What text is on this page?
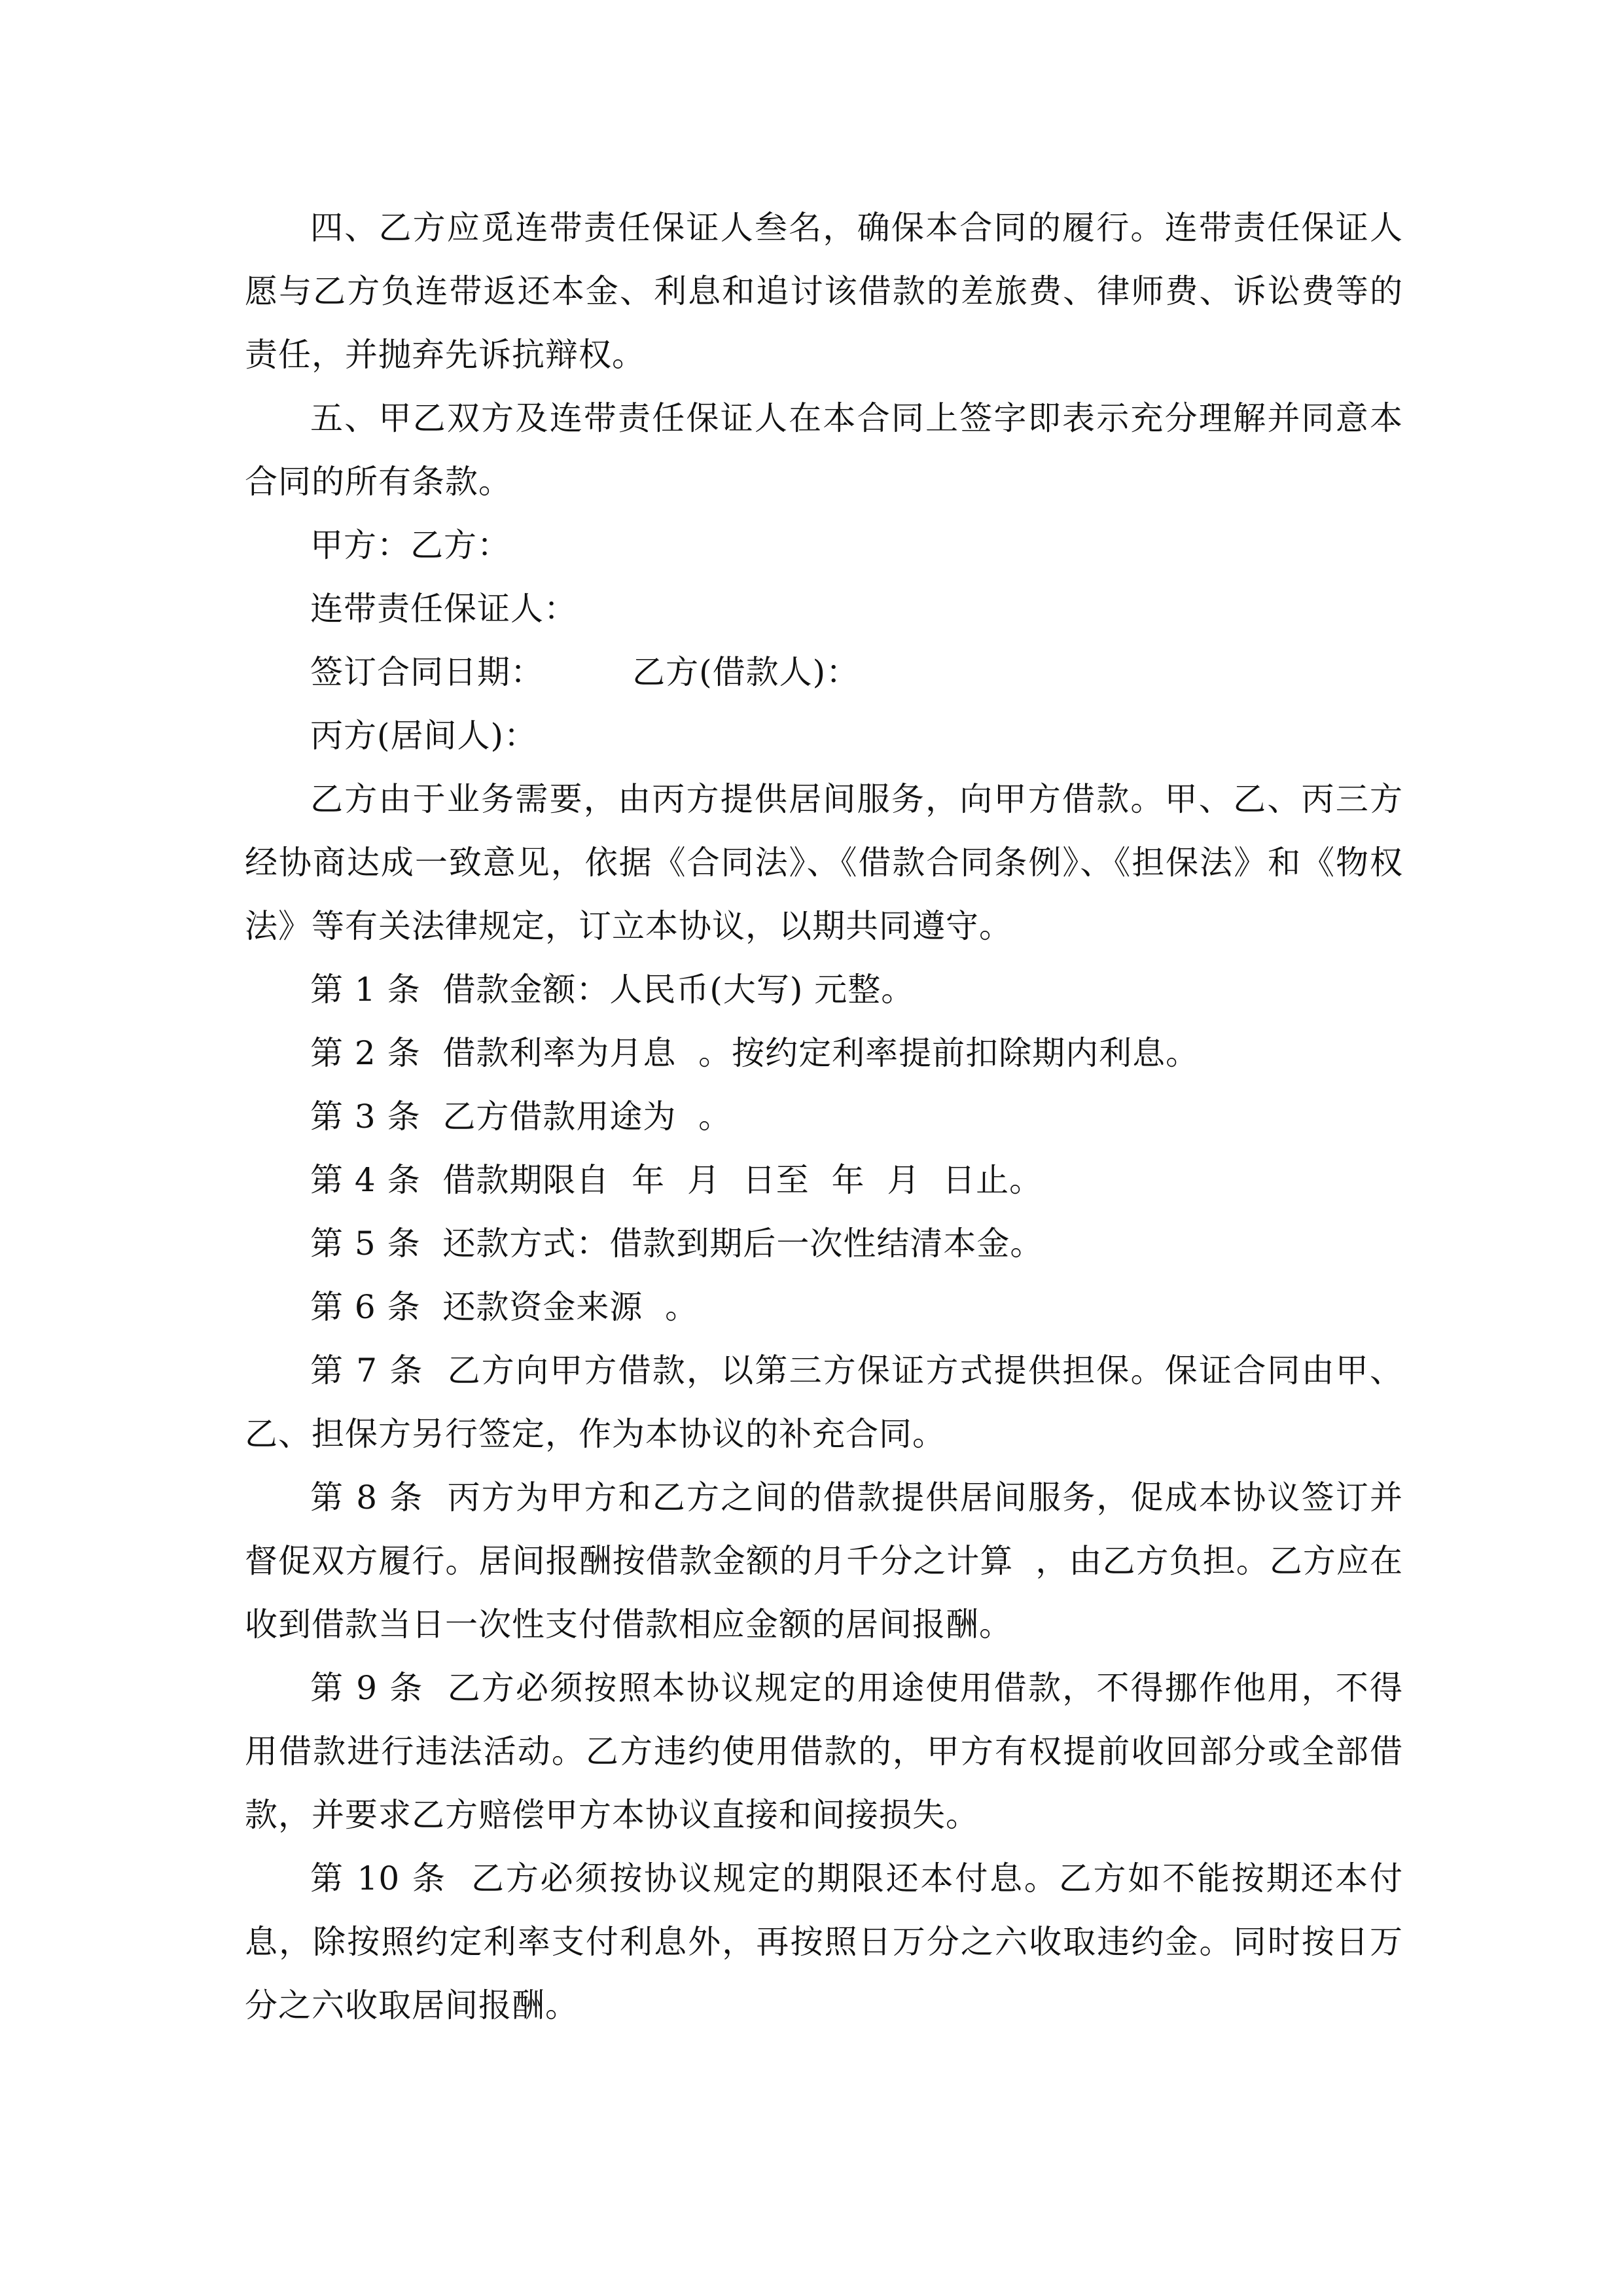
四、乙方应觅连带责任保证人叁名，确保本合同的履行。连带责任保证人愿与乙方负连带返还本金、利息和追讨该借款的差旅费、律师费、诉讼费等的责任，并抛弃先诉抗辩权。

五、甲乙双方及连带责任保证人在本合同上签字即表示充分理解并同意本合同的所有条款。

甲方：乙方：

连带责任保证人：

签订合同日期：        乙方(借款人)：

丙方(居间人)：

乙方由于业务需要，由丙方提供居间服务，向甲方借款。甲、乙、丙三方经协商达成一致意见，依据《合同法》、《借款合同条例》、《担保法》和《物权法》等有关法律规定，订立本协议，以期共同遵守。

第 1 条  借款金额：人民币(大写) 元整。

第 2 条  借款利率为月息  。按约定利率提前扣除期内利息。

第 3 条  乙方借款用途为  。

第 4 条  借款期限自  年  月  日至  年  月  日止。

第 5 条  还款方式：借款到期后一次性结清本金。

第 6 条  还款资金来源  。

第 7 条  乙方向甲方借款，以第三方保证方式提供担保。保证合同由甲、乙、担保方另行签定，作为本协议的补充合同。

第 8 条  丙方为甲方和乙方之间的借款提供居间服务，促成本协议签订并督促双方履行。居间报酬按借款金额的月千分之计算  ，由乙方负担。乙方应在收到借款当日一次性支付借款相应金额的居间报酬。

第 9 条  乙方必须按照本协议规定的用途使用借款，不得挪作他用，不得用借款进行违法活动。乙方违约使用借款的，甲方有权提前收回部分或全部借款，并要求乙方赔偿甲方本协议直接和间接损失。

第 10 条  乙方必须按协议规定的期限还本付息。乙方如不能按期还本付息，除按照约定利率支付利息外，再按照日万分之六收取违约金。同时按日万分之六收取居间报酬。
